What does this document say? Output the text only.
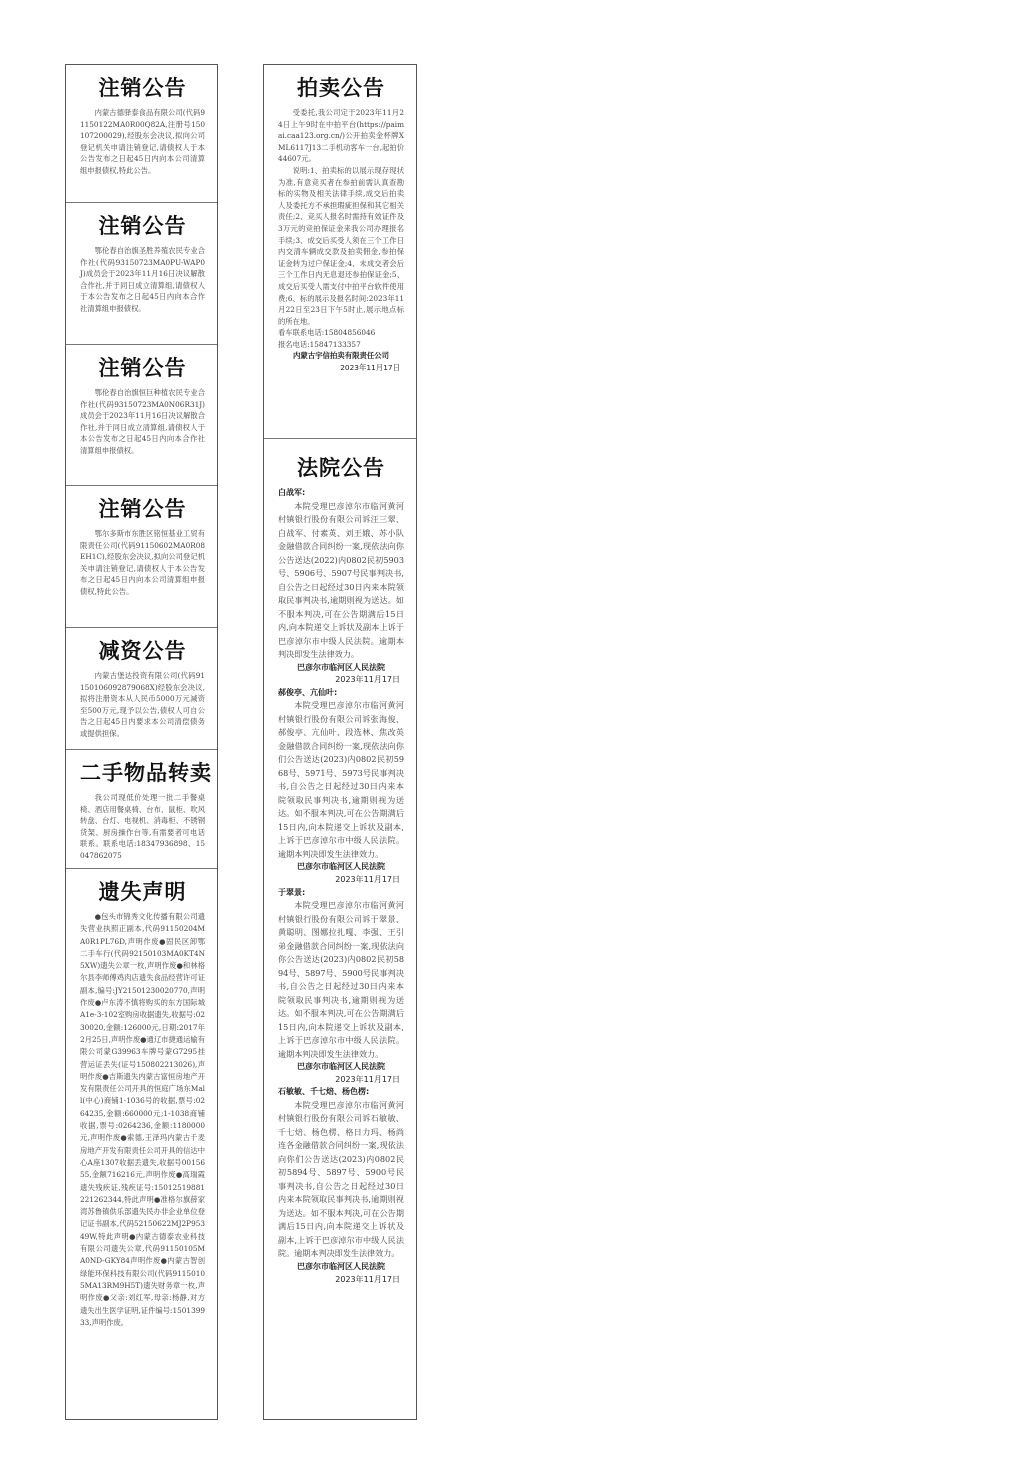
注销公告

内蒙古德驿泰食品有限公司(代码91150122MA0R00Q82A,注册号150107200029),经股东会决议,拟向公司登记机关申请注销登记,请债权人于本公告发布之日起45日内向本公司清算组申报债权,特此公告。

注销公告

鄂伦春自治旗圣胜养殖农民专业合作社(代码93150723MA0PU-WAP0J)成员会于2023年11月16日决议解散合作社,并于同日成立清算组,请债权人于本公告发布之日起45日内向本合作社清算组申报债权。

注销公告

鄂伦春自治旗恒巨种植农民专业合作社(代码93150723MA0N06R31J)成员会于2023年11月16日决议解散合作社,并于同日成立清算组,请债权人于本公告发布之日起45日内向本合作社清算组申报债权。

注销公告

鄂尔多斯市东胜区铭恒基业工贸有限责任公司(代码91150602MA0R08EH1C),经股东会决议,拟向公司登记机关申请注销登记,请债权人于本公告发布之日起45日内向本公司清算组申报债权,特此公告。

减资公告

内蒙古堡达投资有限公司(代码91150106092879068X)经股东会决议,拟将注册资本从人民币5000万元减资至500万元,现予以公告,债权人可自公告之日起45日内要求本公司清偿债务或提供担保。

二手物品转卖

我公司现低价处理一批二手餐桌椅、酒店用餐桌椅、台布、鼠柜、吹风转盘、台灯、电视机、消毒柜、不锈钢货架、厨房操作台等,有需要者可电话联系。联系电话:18347936898、15047862075

遗失声明

●包头市锦秀文化传播有限公司遗失营业执照正副本,代码91150204MA0R1PL76D,声明作废●固民区卸鄂二手车行(代码92150103MA0KT4N5XW)遗失公章一枚,声明作废●和林格尔县李师傅鸡肉店遗失食品经营许可证副本,编号:JY21501230020770,声明作废●卢东涛不慎将购买的东方国际城A1e-3-102室购房收据遗失,收据号:0230020,金额:126000元,日期:2017年2月25日,声明作废●通辽市捷通运输有限公司蒙G39963车牌号蒙G7295挂营运证丢失(证号150802213026),声明作废●吉斯遗失内蒙古富恒房地产开发有限责任公司开具的恒庭广场东Mall(中心)商铺1-1036号的收据,票号:0264235,金额:660000元;1-1038商铺收据,票号:0264236,金额:1180000元,声明作废●索德,王泽玛内蒙古千麦房地产开发有限责任公司开具的信达中心A座1307收据丢遗失,收据号0015655,金额716216元,声明作废●高瑞霞遗失残疾证,残疾证号:15012519881221262344,特此声明●准格尔旗薛家湾苏鲁镇供乐部遗失民办非企业单位登记证书副本,代码52150622MJ2P95349W,特此声明●内蒙古德泰农业科技有限公司遗失公章,代码91150105MA0ND-GKY84声明作废●内蒙古智创绿能环保科技有限公司(代码91150105MA13RM9H5T)遗失财务章一枚,声明作废●父亲:刘红军,母亲:杨静,对方遗失出生医学证明,证件编号:150139933,声明作废。

拍卖公告

受委托,我公司定于2023年11月24日上午9时在中拍平台(https://paimai.caa123.org.cn/)公开拍卖金杯牌XML6117J13二手机动客车一台,起拍价44607元。

说明:1、拍卖标的以展示现存现状为准,有意竞买者在参拍前需认真查勘标的实物及相关法律手续,成交后拍卖人及委托方不承担瑕疵担保和其它相关责任;2、竞买人报名时需持有效证件及3万元的竞拍保证金来我公司办理报名手续;3、成交后买受人须在三个工作日内交清车辆成交款及拍卖佣金,参拍保证金转为过户保证金;4、未成交者会后三个工作日内无息退还参拍保证金;5、成交后买受人需支付中拍平台软件使用费;6、标的展示及报名时间:2023年11月22日至23日下午5时止,展示地点标的所在地。

看车联系电话:15804856046

报名电话:15847133357

内蒙古宇信拍卖有限责任公司

2023年11月17日

法院公告

白战军:

本院受理巴彦淖尔市临河黄河村镇银行股份有限公司诉汪三翠、白战军、付素英、刘王娥、苏小队金融借款合同纠纷一案,现依法向你公告送达(2022)内0802民初5903号、5906号、5907号民事判决书,自公告之日起经过30日内来本院领取民事判决书,逾期则视为送达。如不服本判决,可在公告期满后15日内,向本院递交上诉状及副本上诉于巴彦淖尔市中级人民法院。逾期本判决即发生法律效力。

巴彦尔市临河区人民法院

2023年11月17日

郝俊亭、亢仙叶:

本院受理巴彦淖尔市临河黄河村镇银行股份有限公司诉张海俊、郝俊亭、亢仙叶、段选林、焦改英金融借款合同纠纷一案,现依法向你们公告送达(2023)内0802民初5968号、5971号、5973号民事判决书,自公告之日起经过30日内来本院领取民事判决书,逾期则视为送达。如不服本判决,可在公告期满后15日内,向本院递交上诉状及副本,上诉于巴彦淖尔市中级人民法院。逾期本判决即发生法律效力。

巴彦尔市临河区人民法院

2023年11月17日

于翠景:

本院受理巴彦淖尔市临河黄河村镇银行股份有限公司诉于翠景、黄聪明、图娜拉扎嘎、李强、王引弟金融借款合同纠纷一案,现依法向你公告送达(2023)内0802民初5894号、5897号、5900号民事判决书,自公告之日起经过30日内来本院领取民事判决书,逾期则视为送达。如不服本判决,可在公告期满后15日内,向本院递交上诉状及副本,上诉于巴彦淖尔市中级人民法院。逾期本判决即发生法律效力。

巴彦尔市临河区人民法院

2023年11月17日

石敏敏、千七焙、杨色楞:

本院受理巴彦淖尔市临河黄河村镇银行股份有限公司诉石敏敏、千七焙、杨色楞、格日力玛、杨尚连各金融借款合同纠纷一案,现依法向你们公告送达(2023)内0802民初5894号、5897号、5900号民事判决书,自公告之日起经过30日内来本院领取民事判决书,逾期则视为送达。如不服本判决,可在公告期满后15日内,向本院递交上诉状及副本,上诉于巴彦淖尔市中级人民法院。逾期本判决即发生法律效力。

巴彦尔市临河区人民法院

2023年11月17日
